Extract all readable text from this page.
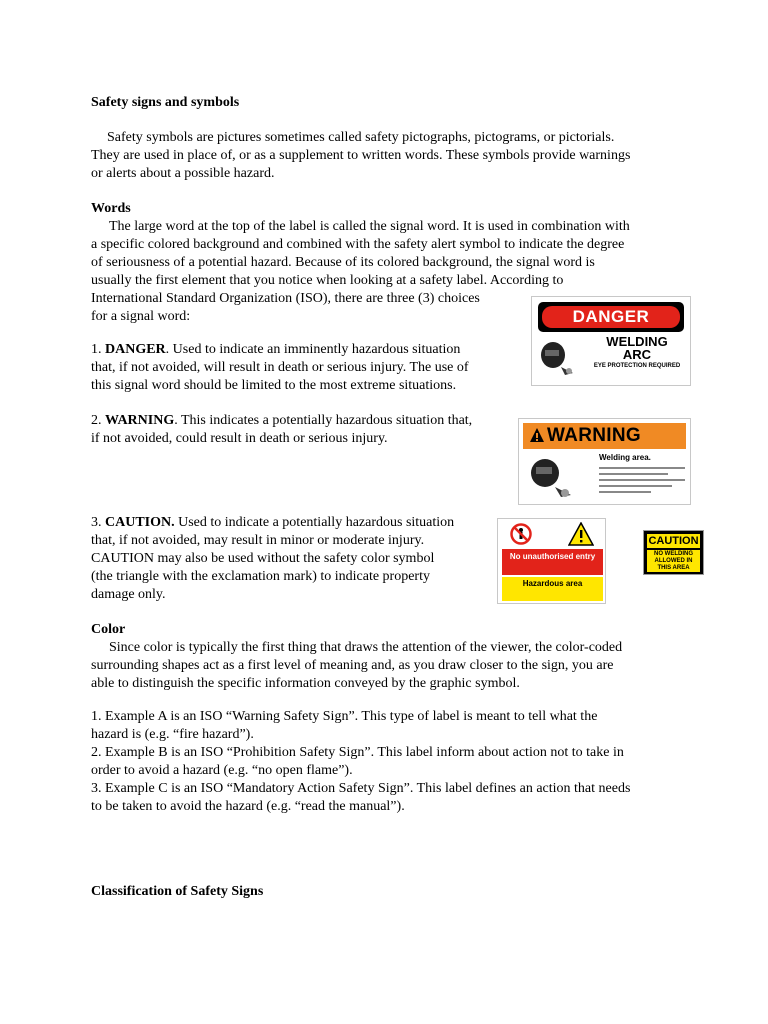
Safety signs and symbols
Safety symbols are pictures sometimes called safety pictographs, pictograms, or pictorials.
They are used in place of, or as a supplement to written words. These symbols provide warnings
or alerts about a possible hazard.
Words
The large word at the top of the label is called the signal word. It is used in combination with
a specific colored background and combined with the safety alert symbol to indicate the degree
of seriousness of a potential hazard. Because of its colored background, the signal word is
usually the first element that you notice when looking at a safety label. According to
International Standard Organization (ISO), there are three (3) choices
for a signal word:
1. DANGER. Used to indicate an imminently hazardous situation
that, if not avoided, will result in death or serious injury. The use of
this signal word should be limited to the most extreme situations.
2. WARNING. This indicates a potentially hazardous situation that,
if not avoided, could result in death or serious injury.
3. CAUTION. Used to indicate a potentially hazardous situation
that, if not avoided, may result in minor or moderate injury.
CAUTION may also be used without the safety color symbol
(the triangle with the exclamation mark) to indicate property
damage only.
Color
Since color is typically the first thing that draws the attention of the viewer, the color-coded
surrounding shapes act as a first level of meaning and, as you draw closer to the sign, you are
able to distinguish the specific information conveyed by the graphic symbol.
1. Example A is an ISO “Warning Safety Sign”. This type of label is meant to tell what the
hazard is (e.g. “fire hazard”).
2. Example B is an ISO “Prohibition Safety Sign”. This label inform about action not to take in
order to avoid a hazard (e.g. “no open flame”).
3. Example C is an ISO “Mandatory Action Safety Sign”. This label defines an action that needs
to be taken to avoid the hazard (e.g. “read the manual”).
Classification of Safety Signs
DANGER
WELDING
ARC
EYE PROTECTION REQUIRED
WARNING
Welding area.
No unauthorised entry
Hazardous area
CAUTION
NO WELDING ALLOWED IN THIS AREA
